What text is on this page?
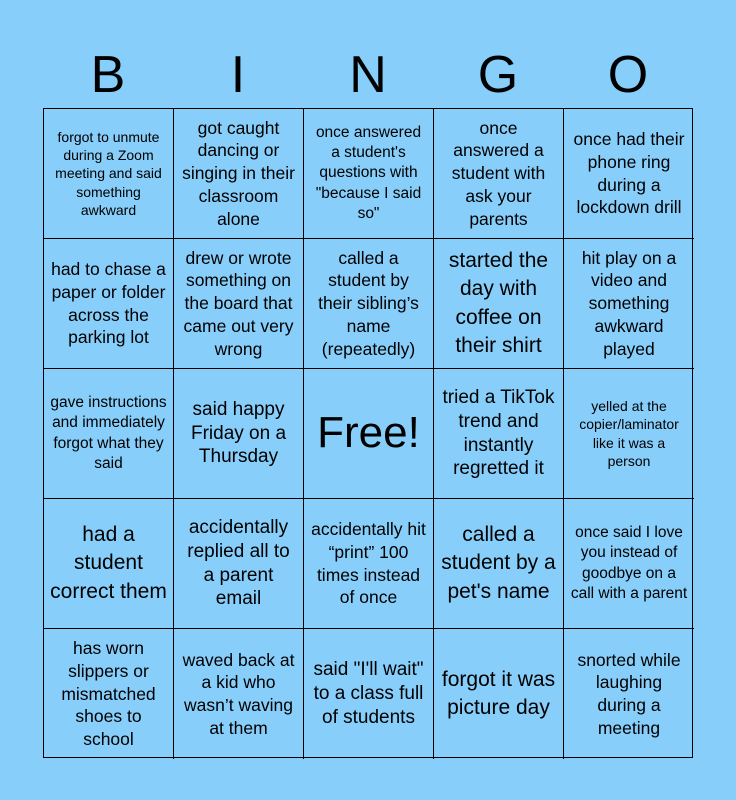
B	I	N	G	O
forgot to unmute during a Zoom meeting and said something awkward
got caught dancing or singing in their classroom alone
once answered a student's questions with "because I said so"
once answered a student with ask your parents
once had their phone ring during a lockdown drill
had to chase a paper or folder across the parking lot
drew or wrote something on the board that came out very wrong
called a student by their sibling’s name (repeatedly)
started the day with coffee on their shirt
hit play on a video and something awkward played
gave instructions and immediately forgot what they said
said happy Friday on a Thursday Free!
tried a TikTok trend and instantly regretted it
yelled at the copier/laminator like it was a person
had a student correct them
accidentally replied all to a parent email
accidentally hit “print” 100 times instead of once
called a student by a pet's name
once said I love you instead of goodbye on a call with a parent
has worn slippers or mismatched shoes to school
waved back at a kid who wasn’t waving at them
said "I'll wait" to a class full of students
forgot it was picture day
snorted while laughing during a meeting
